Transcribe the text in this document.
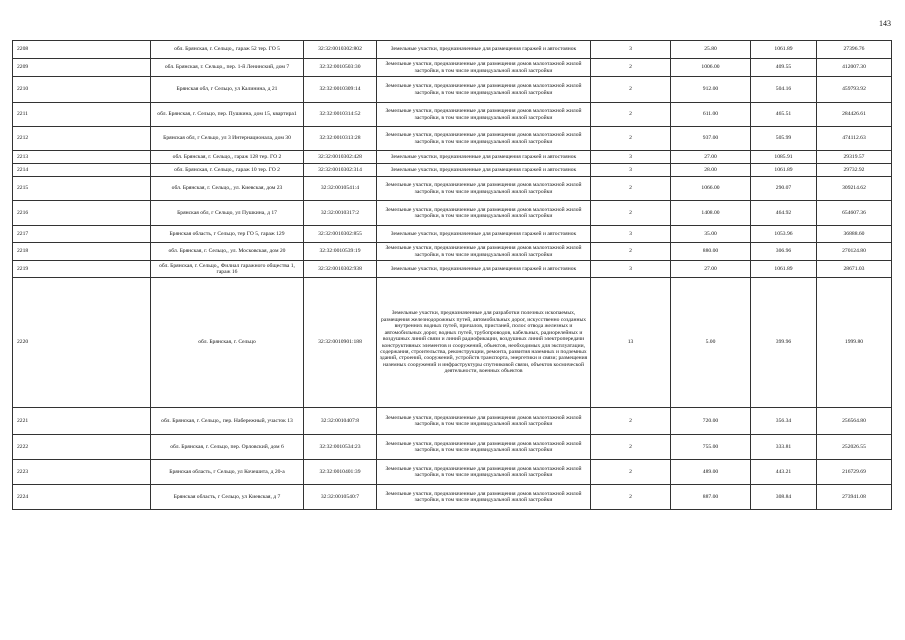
143
2208	обл. Брянская, г. Сельцо,, гараж 52 тер. ГО 5	32:32:0010302:802	Земельные участки, предназначенные для размещения гаражей и автостоянок	3	25.80	1061.89	27396.76
2209	обл. Брянская, г. Сельцо,, пер. 1-й Ленинский, дом 7	32:32:0010503:30	Земельные участки, предназначенные для размещения домов малоэтажной жилой застройки, в том числе индивидуальной жилой застройки	2	1006.00	409.55	412007.30
2210	Брянская обл, г Сельцо, ул Калинина, д 21	32:32:0010309:14	Земельные участки, предназначенные для размещения домов малоэтажной жилой застройки, в том числе индивидуальной жилой застройки	2	912.00	504.16	459793.92
2211	обл. Брянская, г. Сельцо, пер. Пушкина, дом 15, квартира1	32:32:0010314:52	Земельные участки, предназначенные для размещения домов малоэтажной жилой застройки, в том числе индивидуальной жилой застройки	2	611.00	465.51	284426.61
2212	Брянская обл, г Сельцо, ул 3 Интернационала, дом 30	32:32:0010313:28	Земельные участки, предназначенные для размещения домов малоэтажной жилой застройки, в том числе индивидуальной жилой застройки	2	937.00	505.99	474112.63
2213	обл. Брянская, г. Сельцо,, гараж 128 тер. ГО 2	32:32:0010302:428	Земельные участки, предназначенные для размещения гаражей и автостоянок	3	27.00	1085.91	29319.57
2214	обл. Брянская, г. Сельцо,, гараж 10 тер. ГО 2	32:32:0010302:314	Земельные участки, предназначенные для размещения гаражей и автостоянок	3	28.00	1061.89	29732.92
2215	обл. Брянская, г. Сельцо,, ул. Киевская, дом 23	32:32:0010541:4	Земельные участки, предназначенные для размещения домов малоэтажной жилой застройки, в том числе индивидуальной жилой застройки	2	1066.00	290.07	309214.62
2216	Брянская обл, г Сельцо, ул Пушкина, д 17	32:32:0010317:2	Земельные участки, предназначенные для размещения домов малоэтажной жилой застройки, в том числе индивидуальной жилой застройки	2	1408.00	464.92	654607.36
2217	Брянская область, г Сельцо, тер ГО 5, гараж 129	32:32:0010302:855	Земельные участки, предназначенные для размещения гаражей и автостоянок	3	35.00	1053.96	36888.60
2218	обл. Брянская, г. Сельцо,, ул. Московская, дом 20	32:32:0010539:19	Земельные участки, предназначенные для размещения домов малоэтажной жилой застройки, в том числе индивидуальной жилой застройки	2	880.00	306.96	270124.80
2219	обл. Брянская, г. Сельцо,, Филиал гаражного общества 1, гараж 16	32:32:0010302:938	Земельные участки, предназначенные для размещения гаражей и автостоянок	3	27.00	1061.89	28671.03
2220	обл. Брянская, г. Сельцо	32:32:0010901:188	Земельные участки, предназначенные для разработки полезных ископаемых, размещения железнодорожных путей, автомобильных дорог, искусственно созданных внутренних водных путей, причалов, пристаней, полос отвода железных и автомобильных дорог, водных путей, трубопроводов, кабельных, радиорелейных и воздушных линий связи и линий радиофикации, воздушных линий электропередачи конструктивных элементов и сооружений, объектов, необходимых для эксплуатации, содержания, строительства, реконструкции, ремонта, развития наземных и подземных зданий, строений, сооружений, устройств транспорта, энергетики и связи; размещения наземных сооружений и инфраструктуры спутниковой связи, объектов космической деятельности, военных объектов	13	5.00	399.96	1999.80
2221	обл. Брянская, г. Сельцо,, пер. Набережный, участок 13	32:32:0010407:8	Земельные участки, предназначенные для размещения домов малоэтажной жилой застройки, в том числе индивидуальной жилой застройки	2	720.00	356.34	256564.80
2222	обл. Брянская, г. Сельцо, пер. Орловский, дом 6	32:32:0010534:23	Земельные участки, предназначенные для размещения домов малоэтажной жилой застройки, в том числе индивидуальной жилой застройки	2	755.00	333.81	252026.55
2223	Брянская область, г Сельцо, ул Кочешита, д 20-а	32:32:0010401:39	Земельные участки, предназначенные для размещения домов малоэтажной жилой застройки, в том числе индивидуальной жилой застройки	2	489.00	443.21	216729.69
2224	Брянская область, г Сельцо, ул Киевская, д 7	32:32:0010540:7	Земельные участки, предназначенные для размещения домов малоэтажной жилой застройки, в том числе индивидуальной жилой застройки	2	887.00	308.84	273941.08
